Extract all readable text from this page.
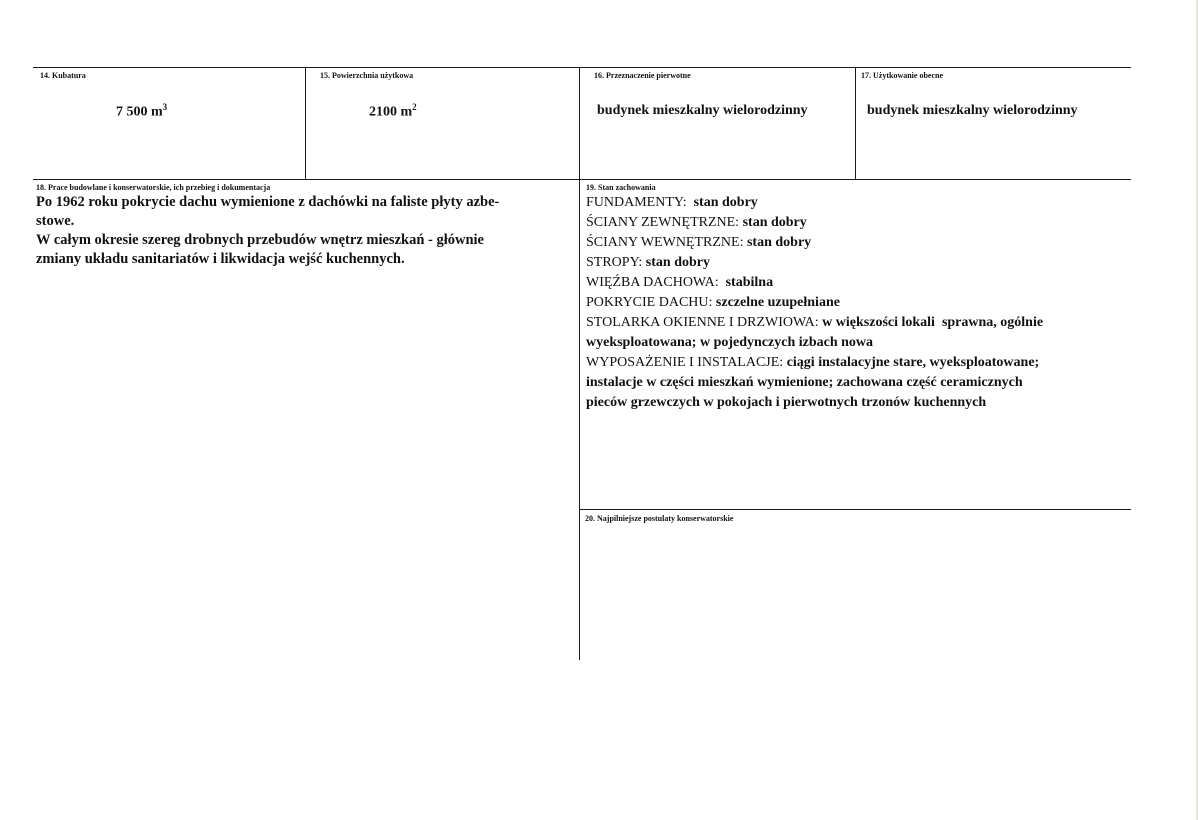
14. Kubatura
7 500 $m^3$
15. Powierzchnia użytkowa
2100 $m^2$
16. Przeznaczenie pierwotne
budynek mieszkalny wielorodzinny
17. Użytkowanie obecne
budynek mieszkalny wielorodzinny
18. Prace budowlane i konserwatorskie, ich przebieg i dokumentacja
Po 1962 roku pokrycie dachu wymienione z dachówki na faliste płyty azbe-
stowe.
W całym okresie szereg drobnych przebudów wnętrz mieszkań - głównie
zmiany układu sanitariatów i likwidacja wejść kuchennych.
19. Stan zachowania
FUNDAMENTY:  stan dobry
ŚCIANY ZEWNĘTRZNE: stan dobry
ŚCIANY WEWNĘTRZNE: stan dobry
STROPY: stan dobry
WIĘŹBA DACHOWA:  stabilna
POKRYCIE DACHU: szczelne uzupełniane
STOLARKA OKIENNE I DRZWIOWA: w większości lokali  sprawna, ogólnie
wyeksploatowana; w pojedynczych izbach nowa
WYPOSAŻENIE I INSTALACJE: ciągi instalacyjne stare, wyeksploatowane;
instalacje w części mieszkań wymienione; zachowana część ceramicznych
pieców grzewczych w pokojach i pierwotnych trzonów kuchennych
20. Najpilniejsze postulaty konserwatorskie
